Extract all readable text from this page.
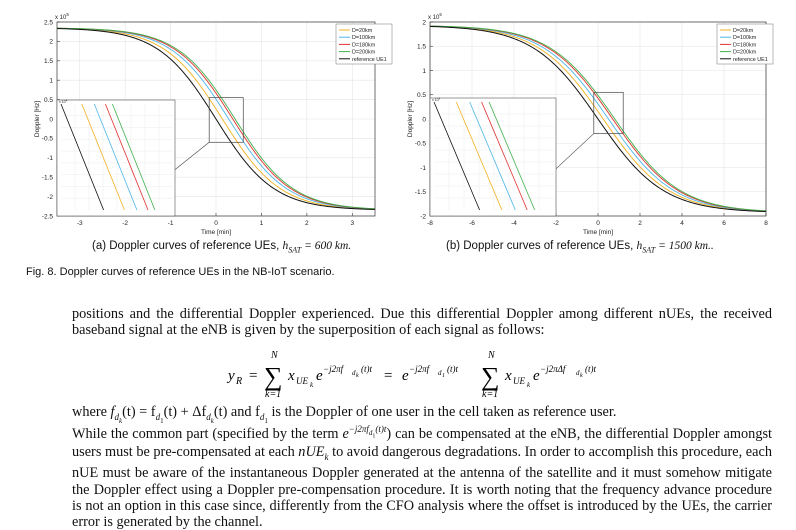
-3	-2	-1	0	1	2	3
2.5
2
1.5
1
0.5
0
-0.5
-1
-1.5
-2
-2.5
x $10^5$
Time [min]
Doppler [Hz]
D=20km
D=100km
D=180km
D=200km
reference UE1
x $10^4$
-8	-6	-4	-2	0	2	4	6	8
2
1.5
1
0.5
0
-0.5
-1
-1.5
-2
x $10^5$
Time [min]
Doppler [Hz]
D=20km
D=100km
D=180km
D=200km
reference UE1
x $10^4$
(a) Doppler curves of reference UEs, $h_{SAT} = 600$ km.	(b) Doppler curves of reference UEs, $h_{SAT} = 1500$ km..
Fig. 8. Doppler curves of reference UEs in the NB-IoT scenario.
positions and the differential Doppler experienced. Due this differential Doppler among different nUEs, the received baseband signal at the eNB is given by the superposition of each signal as follows:
y R =
N
∑
k=1
x UE k
e −j2πf d k
(t)t = e −j2πf d 1
(t)t
N
∑
k=1
x UE k
e −j2πΔf d k
(t)t
where $f_{d_k}(t) = f_{d_1}(t) + \Delta f_{d_k}(t)$ and $f_{d_1}$ is the Doppler of one user in the cell taken as reference user.
While the common part (specified by the term $e^{-j2\pi f_{d_1}(t)t}$) can be compensated at the eNB, the differential Doppler amongst users must be pre-compensated at each nUE$_k$ to avoid dangerous degradations. In order to accomplish this procedure, each nUE must be aware of the instantaneous Doppler generated at the antenna of the satellite and it must somehow mitigate the Doppler effect using a Doppler pre-compensation procedure. It is worth noting that the frequency advance procedure is not an option in this case since, differently from the CFO analysis where the offset is introduced by the UEs, the carrier error is generated by the channel.
